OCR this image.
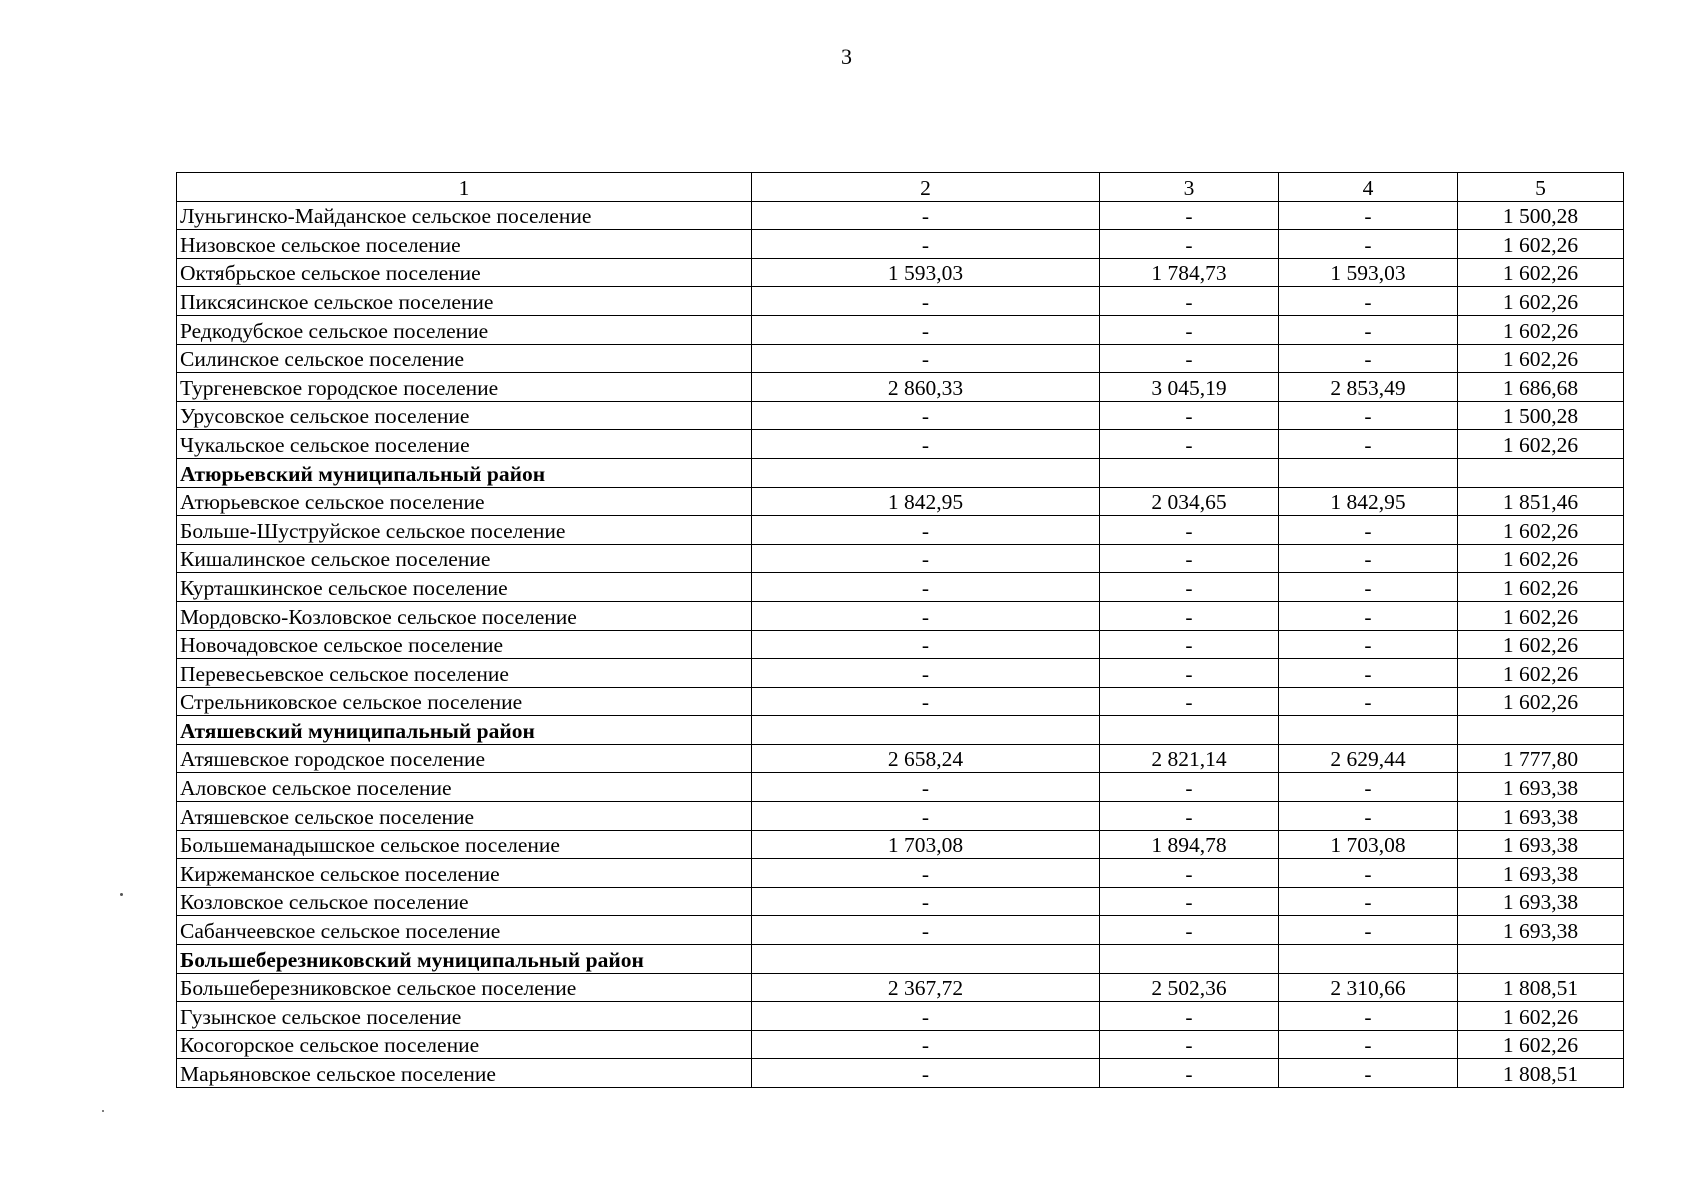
3
1	2	3	4	5
Луньгинско-Майданское сельское поселение	-	-	-	1 500,28
Низовское сельское поселение	-	-	-	1 602,26
Октябрьское сельское поселение	1 593,03	1 784,73	1 593,03	1 602,26
Пиксясинское сельское поселение	-	-	-	1 602,26
Редкодубское сельское поселение	-	-	-	1 602,26
Силинское сельское поселение	-	-	-	1 602,26
Тургеневское городское поселение	2 860,33	3 045,19	2 853,49	1 686,68
Урусовское сельское поселение	-	-	-	1 500,28
Чукальское сельское поселение	-	-	-	1 602,26
Атюрьевский муниципальный район				
Атюрьевское сельское поселение	1 842,95	2 034,65	1 842,95	1 851,46
Больше-Шуструйское сельское поселение	-	-	-	1 602,26
Кишалинское сельское поселение	-	-	-	1 602,26
Курташкинское сельское поселение	-	-	-	1 602,26
Мордовско-Козловское сельское поселение	-	-	-	1 602,26
Новочадовское сельское поселение	-	-	-	1 602,26
Перевесьевское сельское поселение	-	-	-	1 602,26
Стрельниковское сельское поселение	-	-	-	1 602,26
Атяшевский муниципальный район				
Атяшевское городское поселение	2 658,24	2 821,14	2 629,44	1 777,80
Аловское сельское поселение	-	-	-	1 693,38
Атяшевское сельское поселение	-	-	-	1 693,38
Большеманадышское сельское поселение	1 703,08	1 894,78	1 703,08	1 693,38
Киржеманское сельское поселение	-	-	-	1 693,38
Козловское сельское поселение	-	-	-	1 693,38
Сабанчеевское сельское поселение	-	-	-	1 693,38
Большеберезниковский муниципальный район				
Большеберезниковское сельское поселение	2 367,72	2 502,36	2 310,66	1 808,51
Гузынское сельское поселение	-	-	-	1 602,26
Косогорское сельское поселение	-	-	-	1 602,26
Марьяновское сельское поселение	-	-	-	1 808,51
